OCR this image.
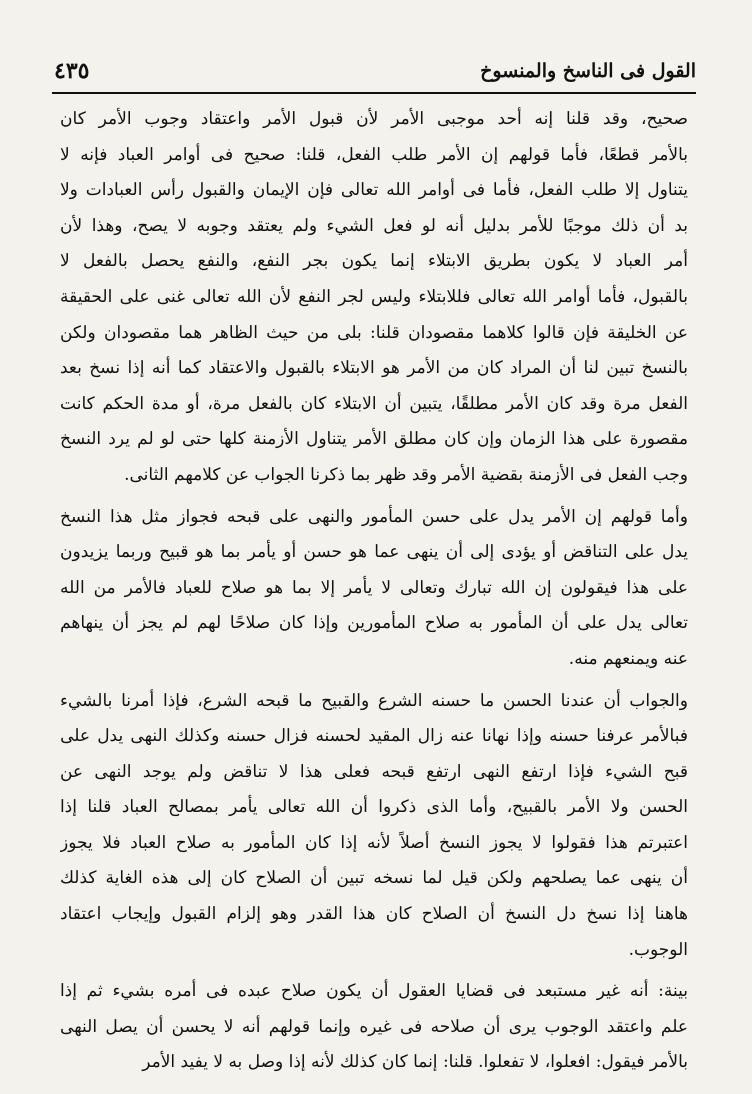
القول فى الناسخ والمنسوخ
٤٣٥
صحيح، وقد قلنا إنه أحد موجبى الأمر لأن قبول الأمر واعتقاد وجوب الأمر كان
بالأمر قطعًا، فأما قولهم إن الأمر طلب الفعل، قلنا: صحيح فى أوامر العباد فإنه لا
يتناول إلا طلب الفعل، فأما فى أوامر الله تعالى فإن الإيمان والقبول رأس العبادات ولا
بد أن ذلك موجبًا للأمر بدليل أنه لو فعل الشيء ولم يعتقد وجوبه لا يصح، وهذا لأن
أمر العباد لا يكون بطريق الابتلاء إنما يكون بجر النفع، والنفع يحصل بالفعل لا
بالقبول، فأما أوامر الله تعالى فللابتلاء وليس لجر النفع لأن الله تعالى غنى على الحقيقة
عن الخليقة فإن قالوا كلاهما مقصودان قلنا: بلى من حيث الظاهر هما مقصودان ولكن
بالنسخ تبين لنا أن المراد كان من الأمر هو الابتلاء بالقبول والاعتقاد كما أنه إذا نسخ بعد
الفعل مرة وقد كان الأمر مطلقًا، يتبين أن الابتلاء كان بالفعل مرة، أو مدة الحكم كانت
مقصورة على هذا الزمان وإن كان مطلق الأمر يتناول الأزمنة كلها حتى لو لم يرد النسخ
وجب الفعل فى الأزمنة بقضية الأمر وقد ظهر بما ذكرنا الجواب عن كلامهم الثانى.
وأما قولهم إن الأمر يدل على حسن المأمور والنهى على قبحه فجواز مثل هذا النسخ
يدل على التناقض أو يؤدى إلى أن ينهى عما هو حسن أو يأمر بما هو قبيح وربما يزيدون
على هذا فيقولون إن الله تبارك وتعالى لا يأمر إلا بما هو صلاح للعباد فالأمر من الله
تعالى يدل على أن المأمور به صلاح المأمورين وإذا كان صلاحًا لهم لم يجز أن ينهاهم
عنه ويمنعهم منه.
والجواب أن عندنا الحسن ما حسنه الشرع والقبيح ما قبحه الشرع، فإذا أمرنا بالشيء
فبالأمر عرفنا حسنه وإذا نهانا عنه زال المقيد لحسنه فزال حسنه وكذلك النهى يدل على
قبح الشيء فإذا ارتفع النهى ارتفع قبحه فعلى هذا لا تناقض ولم يوجد النهى عن
الحسن ولا الأمر بالقبيح، وأما الذى ذكروا أن الله تعالى يأمر بمصالح العباد قلنا إذا
اعتبرتم هذا فقولوا لا يجوز النسخ أصلاً لأنه إذا كان المأمور به صلاح العباد فلا يجوز
أن ينهى عما يصلحهم ولكن قيل لما نسخه تبين أن الصلاح كان إلى هذه الغاية كذلك
هاهنا إذا نسخ دل النسخ أن الصلاح كان هذا القدر وهو إلزام القبول وإيجاب اعتقاد
الوجوب.
بينة: أنه غير مستبعد فى قضايا العقول أن يكون صلاح عبده فى أمره بشيء ثم إذا
علم واعتقد الوجوب يرى أن صلاحه فى غيره وإنما قولهم أنه لا يحسن أن يصل النهى
بالأمر فيقول: افعلوا، لا تفعلوا. قلنا: إنما كان كذلك لأنه إذا وصل به لا يفيد الأمر
